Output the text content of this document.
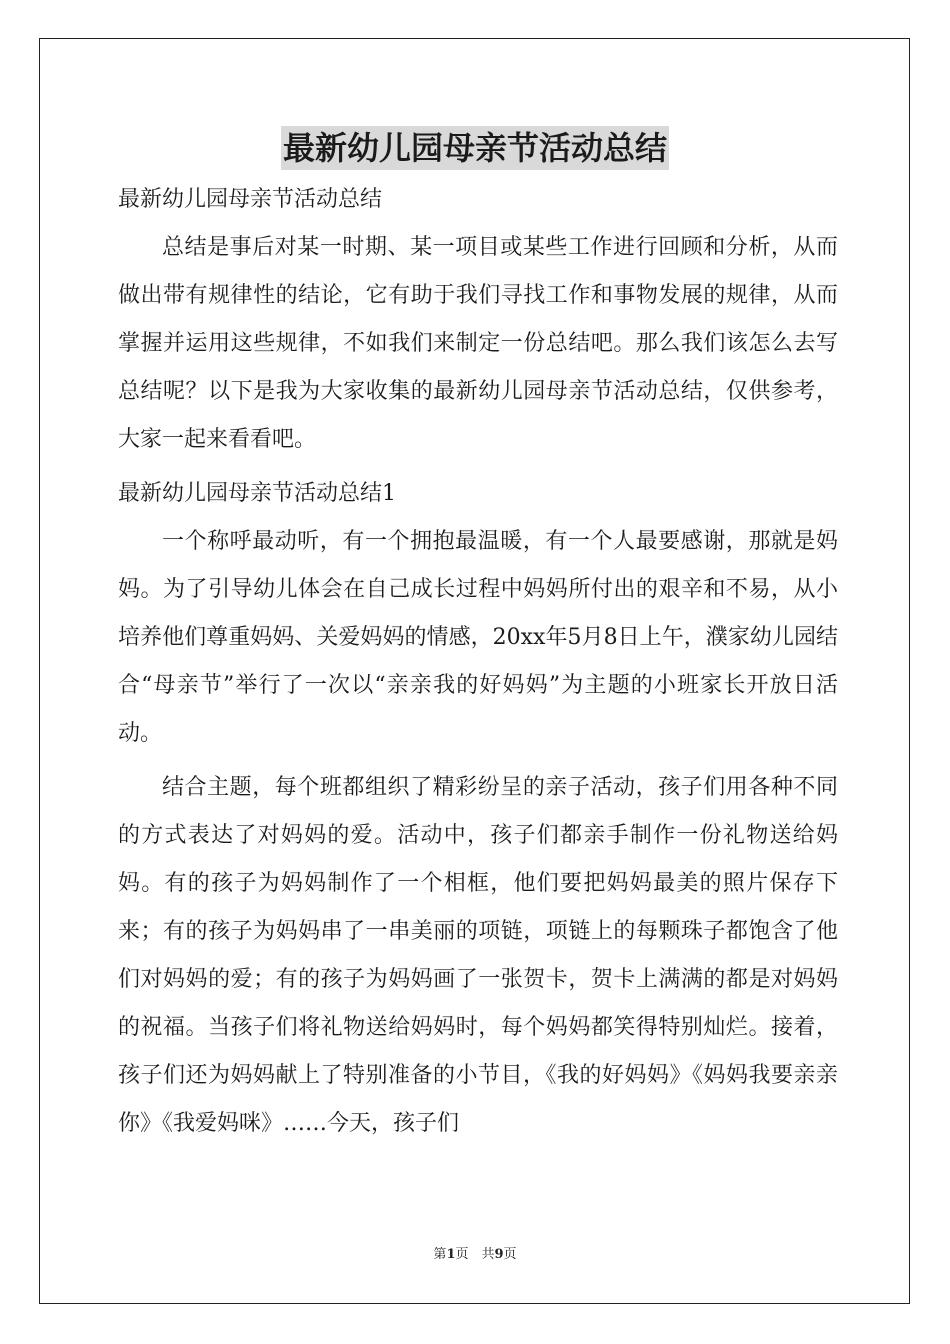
最新幼儿园母亲节活动总结

最新幼儿园母亲节活动总结

总结是事后对某一时期、某一项目或某些工作进行回顾和分析，从而做出带有规律性的结论，它有助于我们寻找工作和事物发展的规律，从而掌握并运用这些规律，不如我们来制定一份总结吧。那么我们该怎么去写总结呢？以下是我为大家收集的最新幼儿园母亲节活动总结，仅供参考，大家一起来看看吧。

最新幼儿园母亲节活动总结1

一个称呼最动听，有一个拥抱最温暖，有一个人最要感谢，那就是妈妈。为了引导幼儿体会在自己成长过程中妈妈所付出的艰辛和不易，从小培养他们尊重妈妈、关爱妈妈的情感，20xx年5月8日上午，濮家幼儿园结合“母亲节”举行了一次以“亲亲我的好妈妈”为主题的小班家长开放日活动。

结合主题，每个班都组织了精彩纷呈的亲子活动，孩子们用各种不同的方式表达了对妈妈的爱。活动中，孩子们都亲手制作一份礼物送给妈妈。有的孩子为妈妈制作了一个相框，他们要把妈妈最美的照片保存下来；有的孩子为妈妈串了一串美丽的项链，项链上的每颗珠子都饱含了他们对妈妈的爱；有的孩子为妈妈画了一张贺卡，贺卡上满满的都是对妈妈的祝福。当孩子们将礼物送给妈妈时，每个妈妈都笑得特别灿烂。接着，孩子们还为妈妈献上了特别准备的小节目，《我的好妈妈》《妈妈我要亲亲你》《我爱妈咪》……今天，孩子们

第1页　共9页
